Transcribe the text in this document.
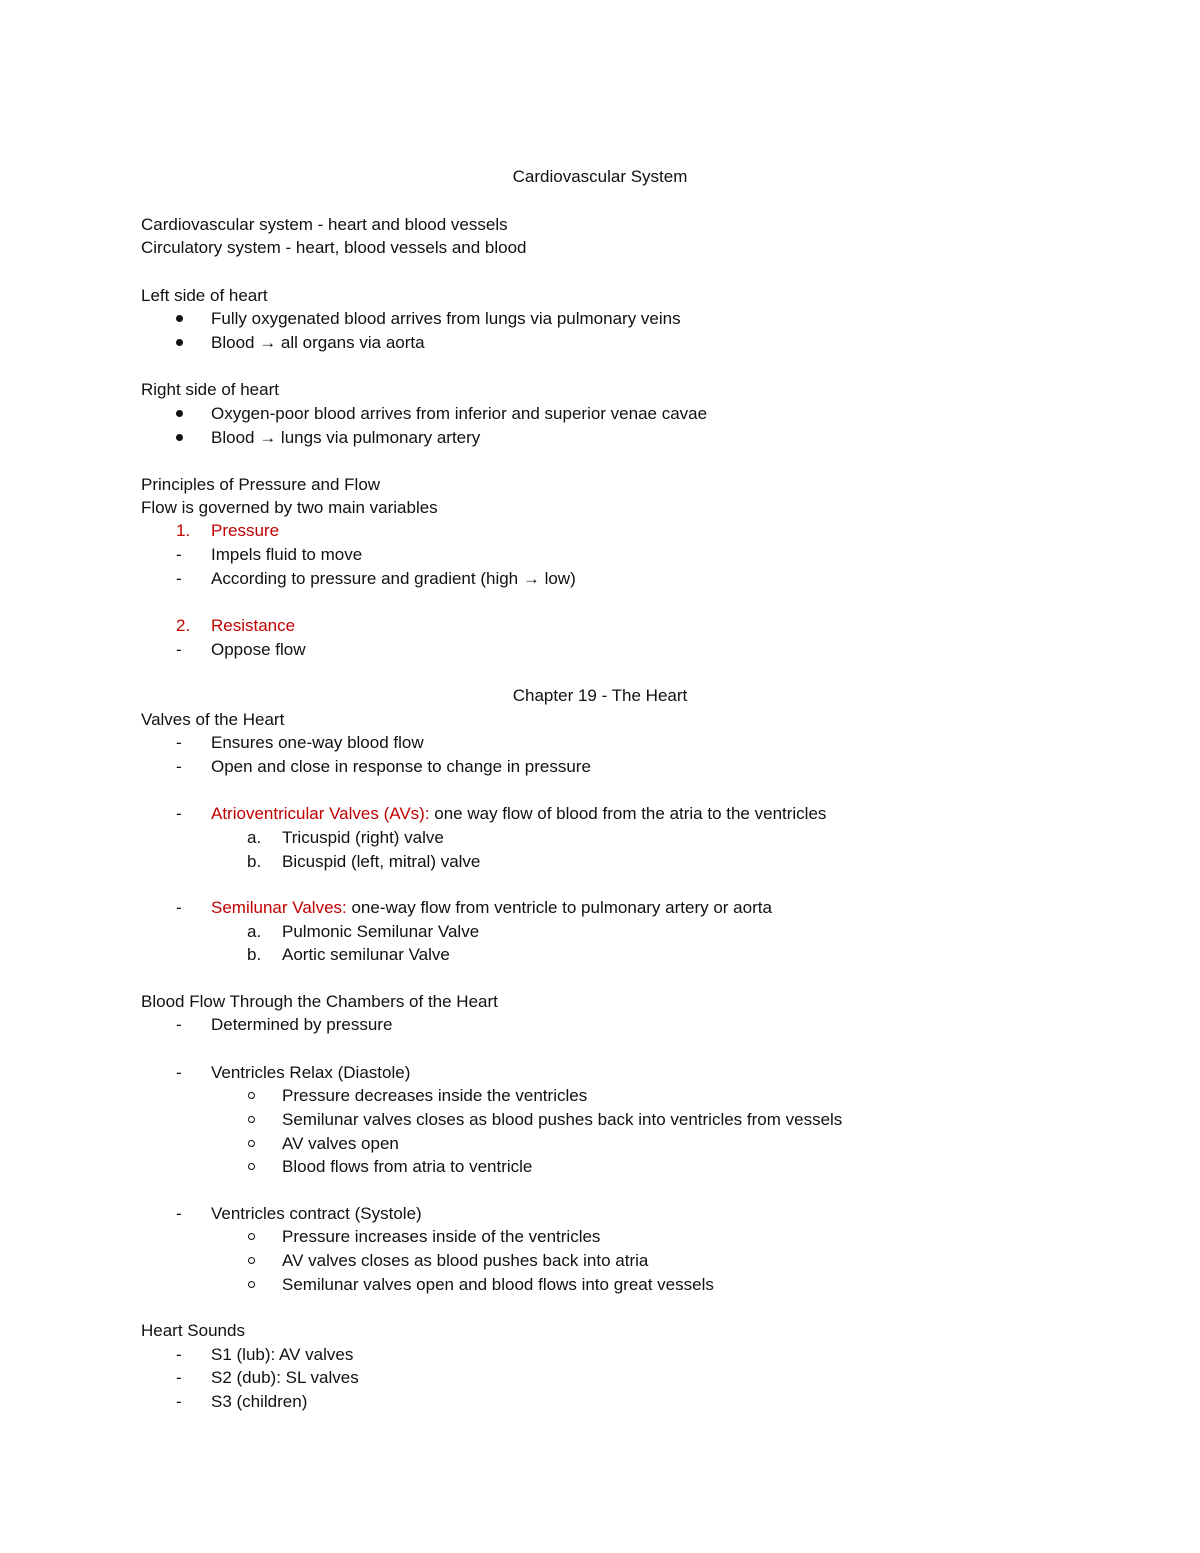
Cardiovascular System
Cardiovascular system - heart and blood vessels
Circulatory system - heart, blood vessels and blood
Left side of heart
Fully oxygenated blood arrives from lungs via pulmonary veins
Blood → all organs via aorta
Right side of heart
Oxygen-poor blood arrives from inferior and superior venae cavae
Blood → lungs via pulmonary artery
Principles of Pressure and Flow
Flow is governed by two main variables
1. Pressure
- Impels fluid to move
- According to pressure and gradient (high → low)
2. Resistance
- Oppose flow
Chapter 19 - The Heart
Valves of the Heart
- Ensures one-way blood flow
- Open and close in response to change in pressure
- Atrioventricular Valves (AVs): one way flow of blood from the atria to the ventricles
a. Tricuspid (right) valve
b. Bicuspid (left, mitral) valve
- Semilunar Valves: one-way flow from ventricle to pulmonary artery or aorta
a. Pulmonic Semilunar Valve
b. Aortic semilunar Valve
Blood Flow Through the Chambers of the Heart
- Determined by pressure
- Ventricles Relax (Diastole)
Pressure decreases inside the ventricles
Semilunar valves closes as blood pushes back into ventricles from vessels
AV valves open
Blood flows from atria to ventricle
- Ventricles contract (Systole)
Pressure increases inside of the ventricles
AV valves closes as blood pushes back into atria
Semilunar valves open and blood flows into great vessels
Heart Sounds
- S1 (lub): AV valves
- S2 (dub): SL valves
- S3 (children)
